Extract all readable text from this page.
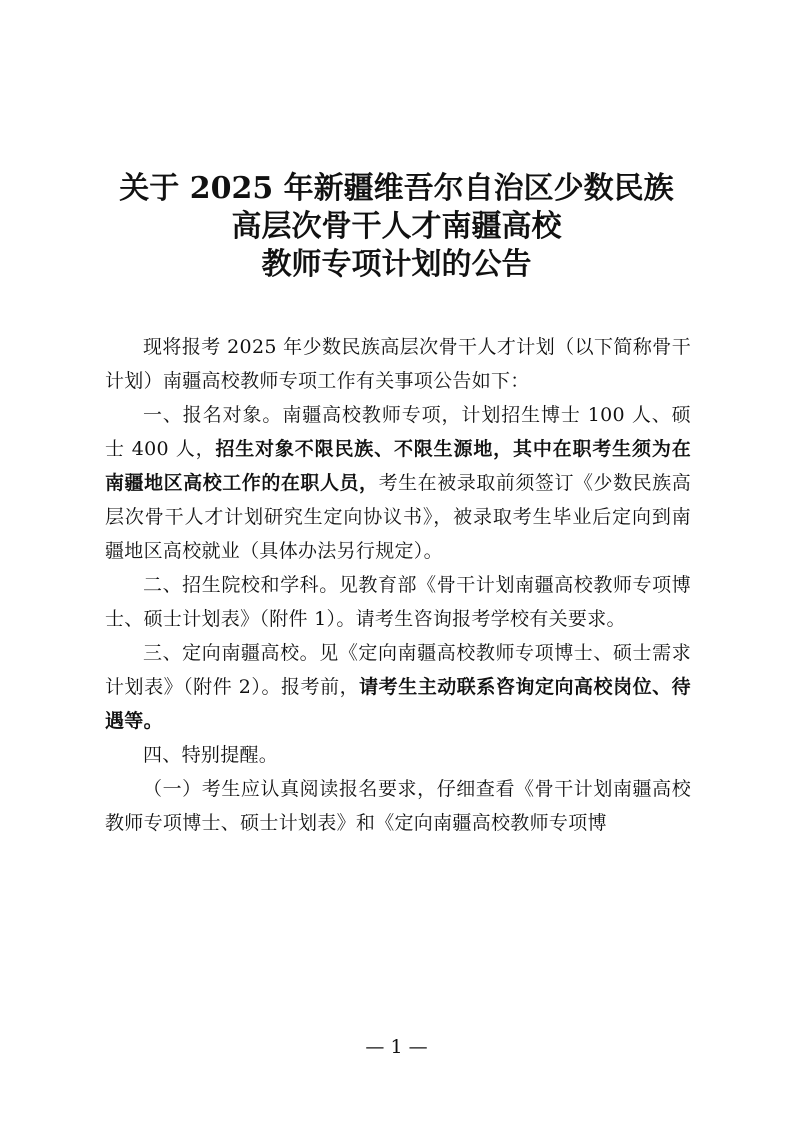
关于 2025 年新疆维吾尔自治区少数民族
高层次骨干人才南疆高校
教师专项计划的公告

现将报考 2025 年少数民族高层次骨干人才计划（以下简称骨干计划）南疆高校教师专项工作有关事项公告如下：

一、报名对象。南疆高校教师专项，计划招生博士 100 人、硕士 400 人，招生对象不限民族、不限生源地，其中在职考生须为在南疆地区高校工作的在职人员，考生在被录取前须签订《少数民族高层次骨干人才计划研究生定向协议书》，被录取考生毕业后定向到南疆地区高校就业（具体办法另行规定）。

二、招生院校和学科。见教育部《骨干计划南疆高校教师专项博士、硕士计划表》（附件 1）。请考生咨询报考学校有关要求。

三、定向南疆高校。见《定向南疆高校教师专项博士、硕士需求计划表》（附件 2）。报考前，请考生主动联系咨询定向高校岗位、待遇等。

四、特别提醒。

（一）考生应认真阅读报名要求，仔细查看《骨干计划南疆高校教师专项博士、硕士计划表》和《定向南疆高校教师专项博

— 1 —
